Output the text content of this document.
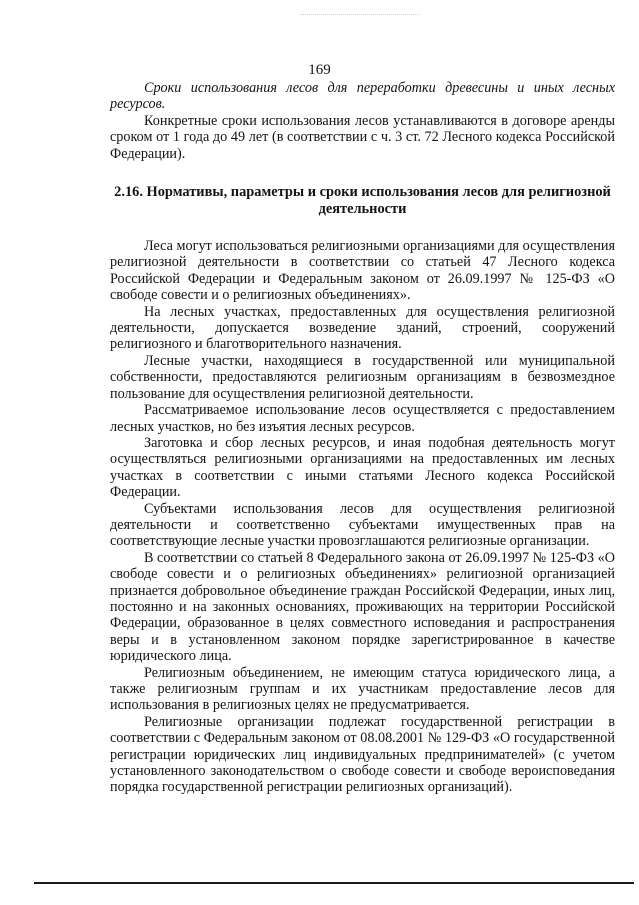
169

Сроки использования лесов для переработки древесины и иных лесных ресурсов.

Конкретные сроки использования лесов устанавливаются в договоре аренды сроком от 1 года до 49 лет (в соответствии с ч. 3 ст. 72 Лесного кодекса Российской Федерации).

2.16. Нормативы, параметры и сроки использования лесов для религиозной деятельности

Леса могут использоваться религиозными организациями для осуществления религиозной деятельности в соответствии со статьей 47 Лесного кодекса Российской Федерации и Федеральным законом от 26.09.1997 № 125-ФЗ «О свободе совести и о религиозных объединениях».

На лесных участках, предоставленных для осуществления религиозной деятельности, допускается возведение зданий, строений, сооружений религиозного и благотворительного назначения.

Лесные участки, находящиеся в государственной или муниципальной собственности, предоставляются религиозным организациям в безвозмездное пользование для осуществления религиозной деятельности.

Рассматриваемое использование лесов осуществляется с предоставлением лесных участков, но без изъятия лесных ресурсов.

Заготовка и сбор лесных ресурсов, и иная подобная деятельность могут осуществляться религиозными организациями на предоставленных им лесных участках в соответствии с иными статьями Лесного кодекса Российской Федерации.

Субъектами использования лесов для осуществления религиозной деятельности и соответственно субъектами имущественных прав на соответствующие лесные участки провозглашаются религиозные организации.

В соответствии со статьей 8 Федерального закона от 26.09.1997 № 125-ФЗ «О свободе совести и о религиозных объединениях» религиозной организацией признается добровольное объединение граждан Российской Федерации, иных лиц, постоянно и на законных основаниях, проживающих на территории Российской Федерации, образованное в целях совместного исповедания и распространения веры и в установленном законом порядке зарегистрированное в качестве юридического лица.

Религиозным объединением, не имеющим статуса юридического лица, а также религиозным группам и их участникам предоставление лесов для использования в религиозных целях не предусматривается.

Религиозные организации подлежат государственной регистрации в соответствии с Федеральным законом от 08.08.2001 № 129-ФЗ «О государственной регистрации юридических лиц индивидуальных предпринимателей» (с учетом установленного законодательством о свободе совести и свободе вероисповедания порядка государственной регистрации религиозных организаций).
